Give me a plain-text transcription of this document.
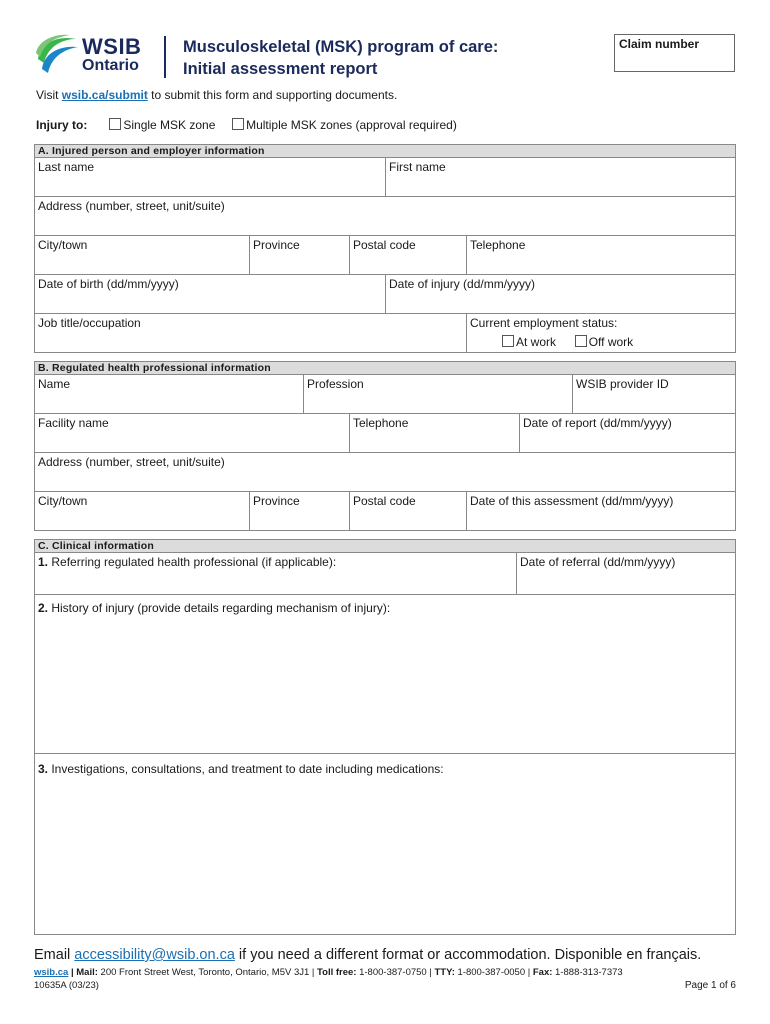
WSIB
Ontario
Musculoskeletal (MSK) program of care:
Initial assessment report
Claim number
Visit wsib.ca/submit to submit this form and supporting documents.
Injury to:	Single MSK zone	Multiple MSK zones (approval required)
A. Injured person and employer information
Last name	First name
Address (number, street, unit/suite)
City/town	Province	Postal code	Telephone
Date of birth (dd/mm/yyyy)	Date of injury (dd/mm/yyyy)
Job title/occupation	Current employment status:
At work	Off work
B. Regulated health professional information
Name	Profession	WSIB provider ID
Facility name	Telephone	Date of report (dd/mm/yyyy)
Address (number, street, unit/suite)
City/town	Province	Postal code	Date of this assessment (dd/mm/yyyy)
C. Clinical information
1. Referring regulated health professional (if applicable):	Date of referral (dd/mm/yyyy)
2. History of injury (provide details regarding mechanism of injury):
3. Investigations, consultations, and treatment to date including medications:
Email accessibility@wsib.on.ca if you need a different format or accommodation. Disponible en français.
wsib.ca | Mail: 200 Front Street West, Toronto, Ontario, M5V 3J1 | Toll free: 1-800-387-0750 | TTY: 1-800-387-0050 | Fax: 1-888-313-7373
10635A (03/23)	Page 1 of 6
